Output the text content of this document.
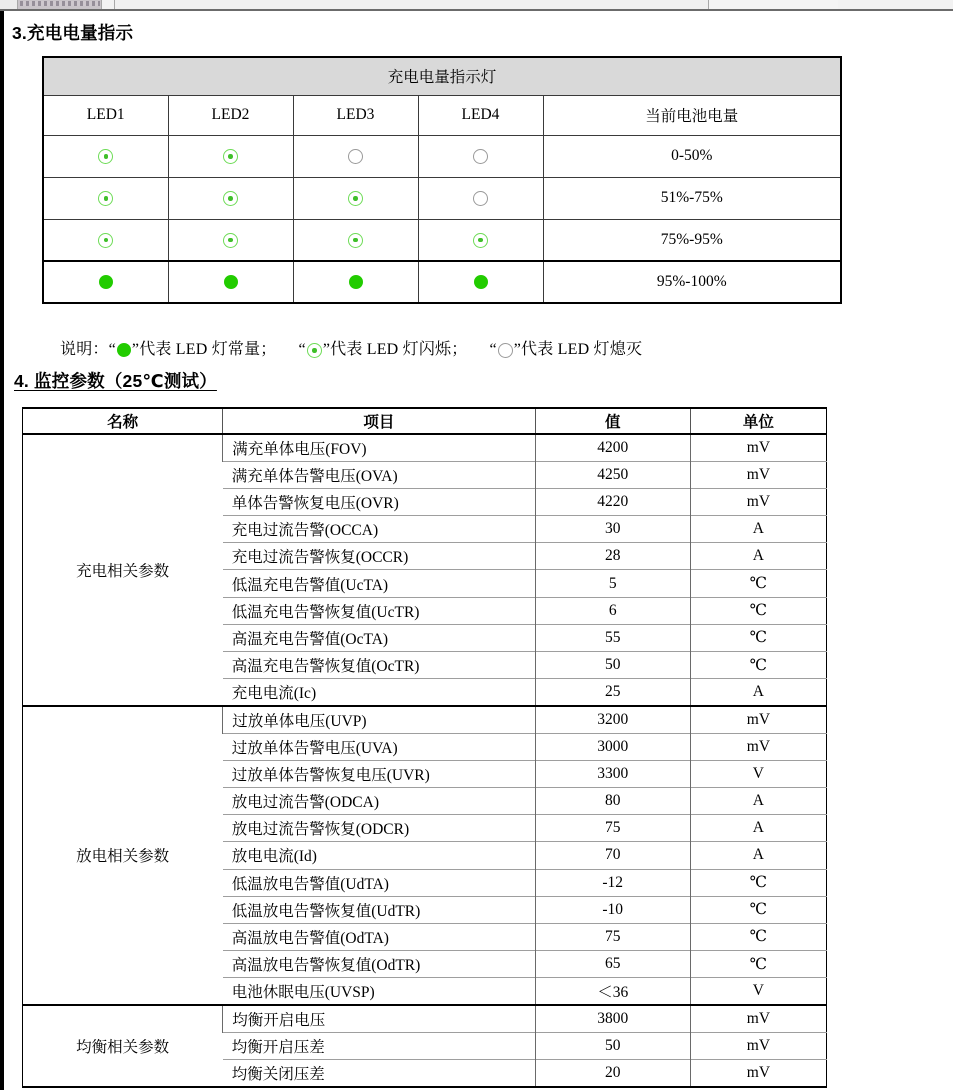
3.充电电量指示
充电电量指示灯				
LED1	LED2	LED3	LED4	当前电池电量
				0-50%
				51%-75%
				75%-95%
				95%-100%
说明：“ ”代表 LED 灯常量； “ ”代表 LED 灯闪烁； “ ”代表 LED 灯熄灭
4. 监控参数（25℃测试）
名称	项目	值	单位
充电相关参数	满充单体电压(FOV)	4200	mV
	满充单体告警电压(OVA)	4250	mV
	单体告警恢复电压(OVR)	4220	mV
	充电过流告警(OCCA)	30	A
	充电过流告警恢复(OCCR)	28	A
	低温充电告警值(UcTA)	5	℃
	低温充电告警恢复值(UcTR)	6	℃
	高温充电告警值(OcTA)	55	℃
	高温充电告警恢复值(OcTR)	50	℃
	充电电流(Ic)	25	A
放电相关参数	过放单体电压(UVP)	3200	mV
	过放单体告警电压(UVA)	3000	mV
	过放单体告警恢复电压(UVR)	3300	V
	放电过流告警(ODCA)	80	A
	放电过流告警恢复(ODCR)	75	A
	放电电流(Id)	70	A
	低温放电告警值(UdTA)	-12	℃
	低温放电告警恢复值(UdTR)	-10	℃
	高温放电告警值(OdTA)	75	℃
	高温放电告警恢复值(OdTR)	65	℃
	电池休眠电压(UVSP)	＜36	V
均衡相关参数	均衡开启电压	3800	mV
	均衡开启压差	50	mV
	均衡关闭压差	20	mV
